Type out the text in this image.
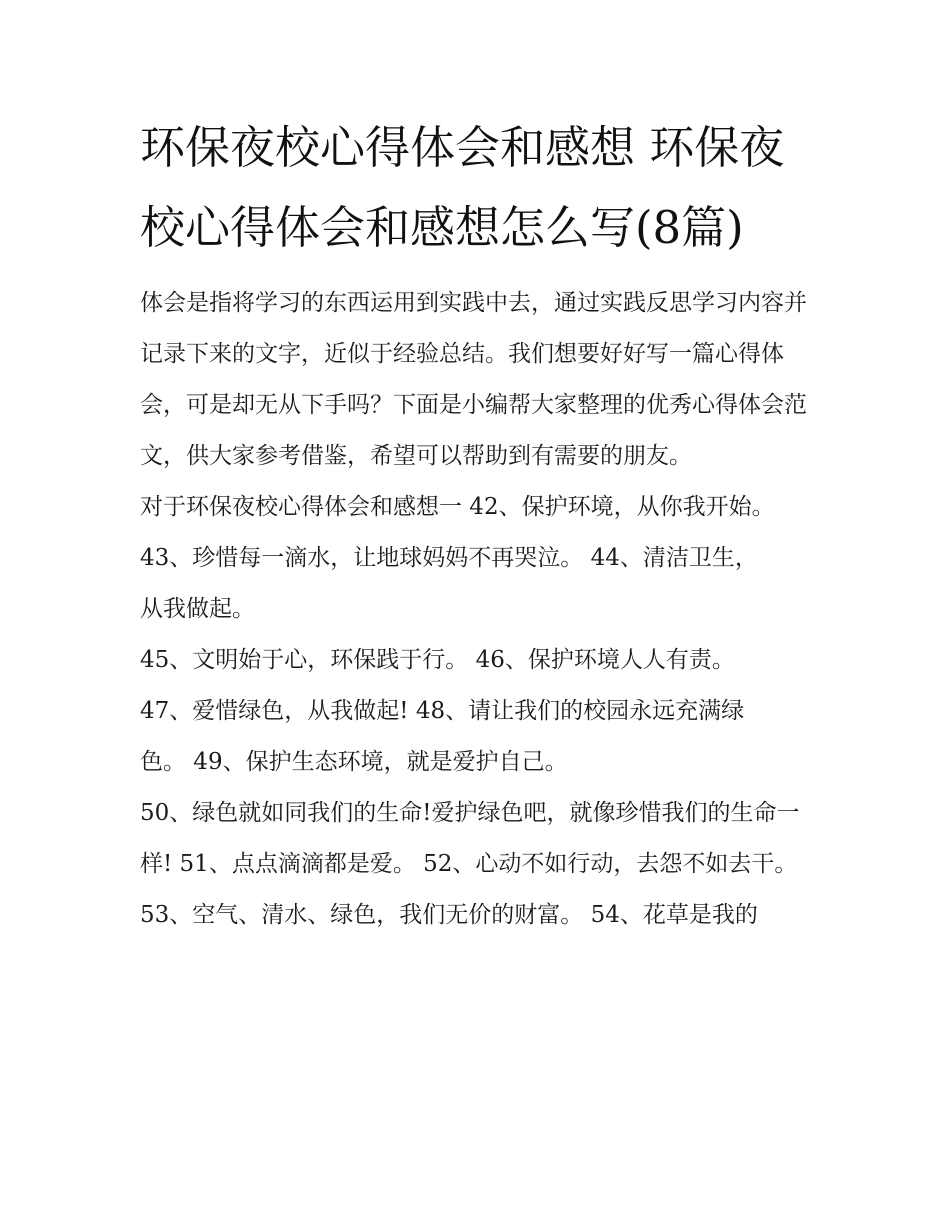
环保夜校心得体会和感想 环保夜校心得体会和感想怎么写(8篇)

体会是指将学习的东西运用到实践中去，通过实践反思学习内容并记录下来的文字，近似于经验总结。我们想要好好写一篇心得体会，可是却无从下手吗？下面是小编帮大家整理的优秀心得体会范文，供大家参考借鉴，希望可以帮助到有需要的朋友。

对于环保夜校心得体会和感想一 42、保护环境，从你我开始。 43、珍惜每一滴水，让地球妈妈不再哭泣。 44、清洁卫生，从我做起。

45、文明始于心，环保践于行。 46、保护环境人人有责。

47、爱惜绿色，从我做起! 48、请让我们的校园永远充满绿色。 49、保护生态环境，就是爱护自己。

50、绿色就如同我们的生命!爱护绿色吧，就像珍惜我们的生命一样! 51、点点滴滴都是爱。 52、心动不如行动，去怨不如去干。

53、空气、清水、绿色，我们无价的财富。 54、花草是我的
